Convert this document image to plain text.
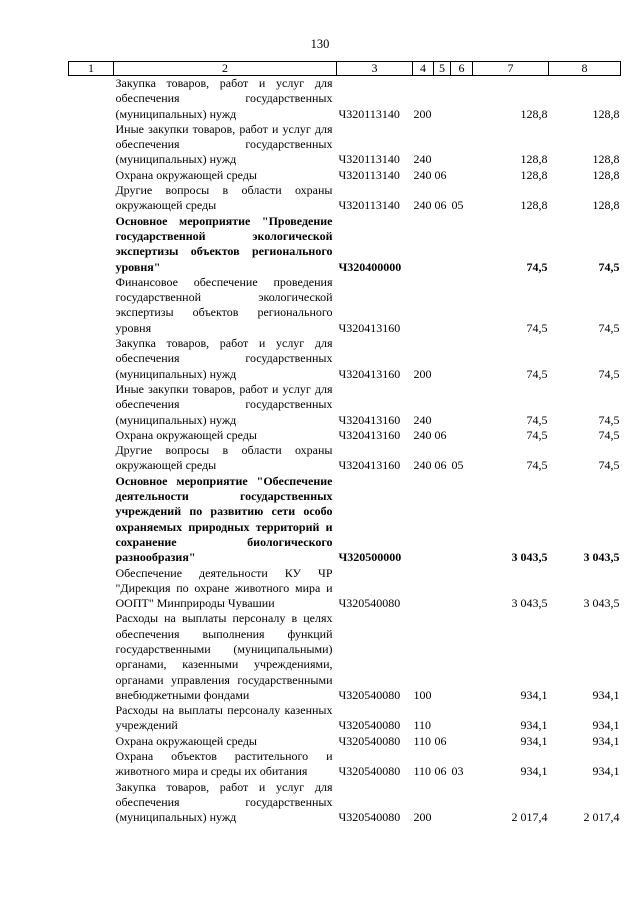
130
1	2	3	4	5	6	7	8
	Закупка товаров, работ и услуг для обеспечения государственных (муниципальных) нужд	Ч320113140	200			128,8	128,8
	Иные закупки товаров, работ и услуг для обеспечения государственных (муниципальных) нужд	Ч320113140	240			128,8	128,8
	Охрана окружающей среды	Ч320113140	240	06		128,8	128,8
	Другие вопросы в области охраны окружающей среды	Ч320113140	240	06	05	128,8	128,8
	Основное мероприятие "Проведение государственной экологической экспертизы объектов регионального уровня"	Ч320400000				74,5	74,5
	Финансовое обеспечение проведения государственной экологической экспертизы объектов регионального уровня	Ч320413160				74,5	74,5
	Закупка товаров, работ и услуг для обеспечения государственных (муниципальных) нужд	Ч320413160	200			74,5	74,5
	Иные закупки товаров, работ и услуг для обеспечения государственных (муниципальных) нужд	Ч320413160	240			74,5	74,5
	Охрана окружающей среды	Ч320413160	240	06		74,5	74,5
	Другие вопросы в области охраны окружающей среды	Ч320413160	240	06	05	74,5	74,5
	Основное мероприятие "Обеспечение деятельности государственных учреждений по развитию сети особо охраняемых природных территорий и сохранение биологического разнообразия"	Ч320500000				3 043,5	3 043,5
	Обеспечение деятельности КУ ЧР "Дирекция по охране животного мира и ООПТ" Минприроды Чувашии	Ч320540080				3 043,5	3 043,5
	Расходы на выплаты персоналу в целях обеспечения выполнения функций государственными (муниципальными) органами, казенными учреждениями, органами управления государственными внебюджетными фондами	Ч320540080	100			934,1	934,1
	Расходы на выплаты персоналу казенных учреждений	Ч320540080	110			934,1	934,1
	Охрана окружающей среды	Ч320540080	110	06		934,1	934,1
	Охрана объектов растительного и животного мира и среды их обитания	Ч320540080	110	06	03	934,1	934,1
	Закупка товаров, работ и услуг для обеспечения государственных (муниципальных) нужд	Ч320540080	200			2 017,4	2 017,4
